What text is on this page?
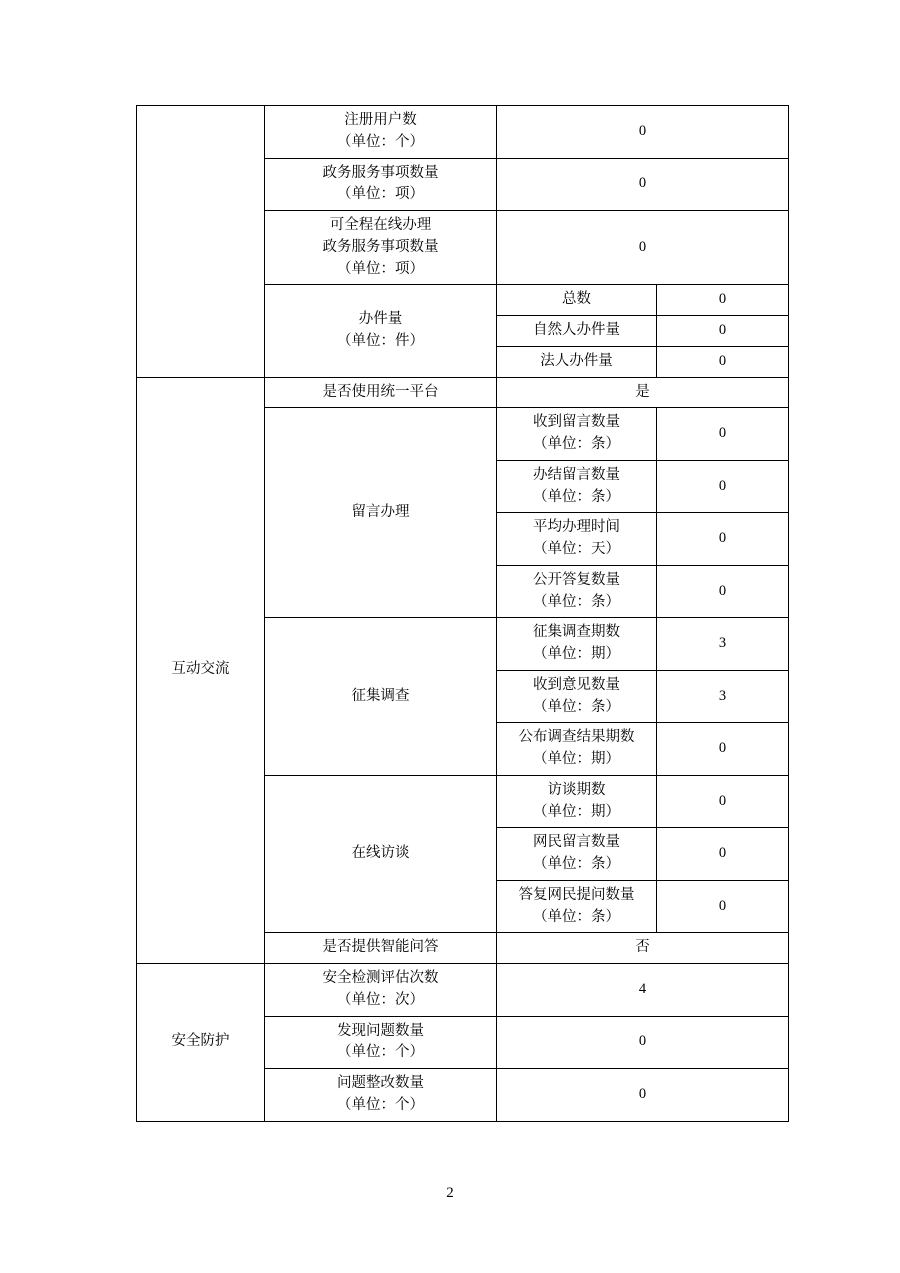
	注册用户数
（单位：个）	0	

	政务服务事项数量
（单位：项）	0	

	可全程在线办理
政务服务事项数量
（单位：项）	0	

	办件量
（单位：件）	总数	0
		自然人办件量	0
		法人办件量	0
互动交流	是否使用统一平台	是	
	留言办理	收到留言数量
（单位：条）	0

		办结留言数量
（单位：条）	0

		平均办理时间
（单位：天）	0

		公开答复数量
（单位：条）	0
	征集调查	征集调查期数
（单位：期）	3

		收到意见数量
（单位：条）	3

		公布调查结果期数
（单位：期）	0
	在线访谈	访谈期数
（单位：期）	0

		网民留言数量
（单位：条）	0

		答复网民提问数量
（单位：条）	0
	是否提供智能问答	否	
安全防护	安全检测评估次数
（单位：次）	4	

	发现问题数量
（单位：个）	0	

	问题整改数量
（单位：个）	0	
2
